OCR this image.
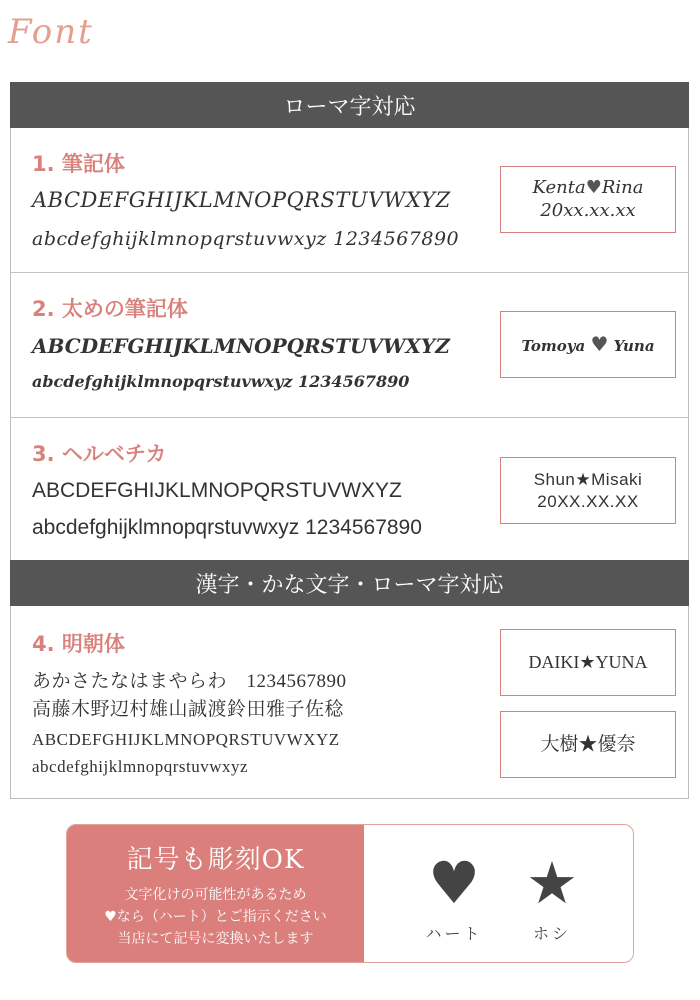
Font
ローマ字対応
1. 筆記体
ABCDEFGHIJKLMNOPQRSTUVWXYZ
abcdefghijklmnopqrstuvwxyz 1234567890
Kenta♥Rina
20xx.xx.xx
2. 太めの筆記体
ABCDEFGHIJKLMNOPQRSTUVWXYZ
abcdefghijklmnopqrstuvwxyz 1234567890
Tomoya ♥ Yuna
3. ヘルベチカ
ABCDEFGHIJKLMNOPQRSTUVWXYZ
abcdefghijklmnopqrstuvwxyz 1234567890
Shun★Misaki
20XX.XX.XX
漢字・かな文字・ローマ字対応
4. 明朝体
あかさたなはまやらわ　1234567890
高藤木野辺村雄山誠渡鈴田雅子佐稔
ABCDEFGHIJKLMNOPQRSTUVWXYZ
abcdefghijklmnopqrstuvwxyz
DAIKI★YUNA
大樹★優奈
記号も彫刻OK
文字化けの可能性があるため
♥なら（ハート）とご指示ください
当店にて記号に変換いたします
♥
ハート
★
ホシ
